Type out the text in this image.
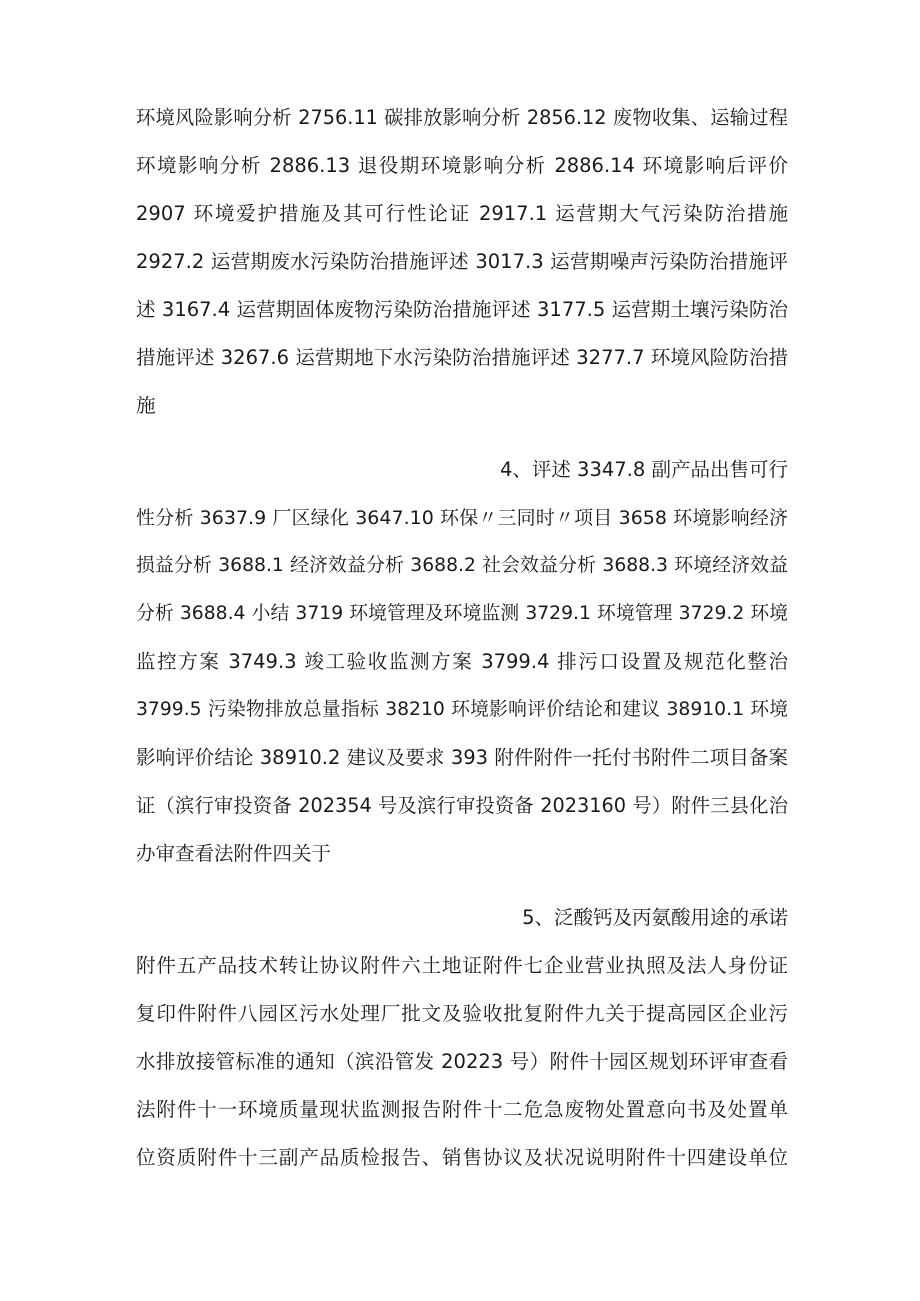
环境风险影响分析 2756.11 碳排放影响分析 2856.12 废物收集、运输过程
环境影响分析 2886.13 退役期环境影响分析 2886.14 环境影响后评价
2907 环境爱护措施及其可行性论证 2917.1 运营期大气污染防治措施
2927.2 运营期废水污染防治措施评述 3017.3 运营期噪声污染防治措施评
述 3167.4 运营期固体废物污染防治措施评述 3177.5 运营期土壤污染防治
措施评述 3267.6 运营期地下水污染防治措施评述 3277.7 环境风险防治措
施
4、评述 3347.8 副产品出售可行
性分析 3637.9 厂区绿化 3647.10 环保〃三同时〃项目 3658 环境影响经济
损益分析 3688.1 经济效益分析 3688.2 社会效益分析 3688.3 环境经济效益
分析 3688.4 小结 3719 环境管理及环境监测 3729.1 环境管理 3729.2 环境
监控方案 3749.3 竣工验收监测方案 3799.4 排污口设置及规范化整治
3799.5 污染物排放总量指标 38210 环境影响评价结论和建议 38910.1 环境
影响评价结论 38910.2 建议及要求 393 附件附件一托付书附件二项目备案
证（滨行审投资备 202354 号及滨行审投资备 2023160 号）附件三县化治
办审查看法附件四关于
5、泛酸钙及丙氨酸用途的承诺
附件五产品技术转让协议附件六土地证附件七企业营业执照及法人身份证
复印件附件八园区污水处理厂批文及验收批复附件九关于提高园区企业污
水排放接管标准的通知（滨沿管发 20223 号）附件十园区规划环评审查看
法附件十一环境质量现状监测报告附件十二危急废物处置意向书及处置单
位资质附件十三副产品质检报告、销售协议及状况说明附件十四建设单位
